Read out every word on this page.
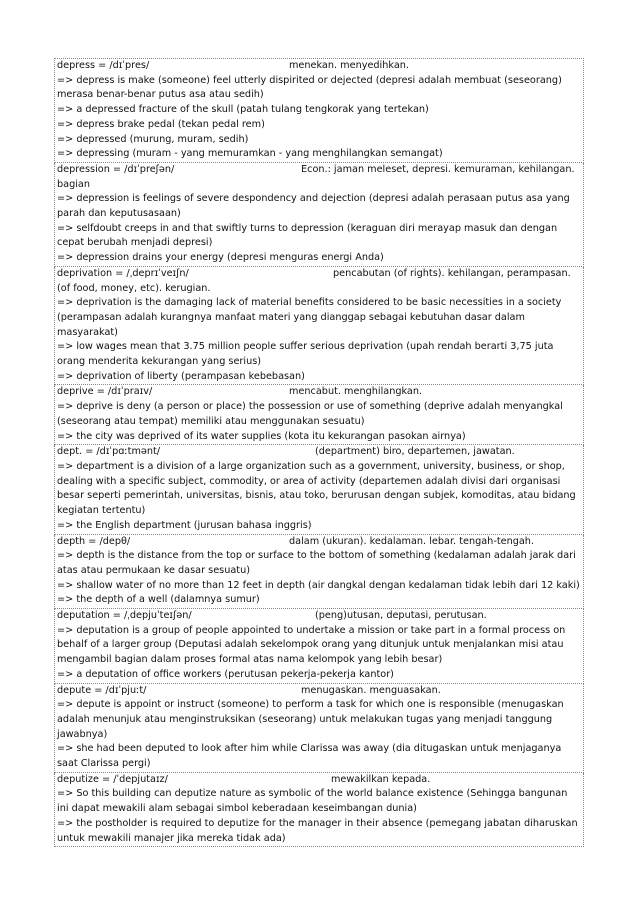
depress = /dɪˈpres/	menekan. menyedihkan.
=> depress is make (someone) feel utterly dispirited or dejected (depresi adalah membuat (seseorang) merasa benar-benar putus asa atau sedih)
=> a depressed fracture of the skull (patah tulang tengkorak yang tertekan)
=> depress brake pedal (tekan pedal rem)
=> depressed (murung, muram, sedih)
=> depressing (muram - yang memuramkan - yang menghilangkan semangat)
depression = /dɪˈpreʃən/	Econ.: jaman meleset, depresi. kemuraman, kehilangan. bagian
=> depression is feelings of severe despondency and dejection (depresi adalah perasaan putus asa yang parah dan keputusasaan)
=> selfdoubt creeps in and that swiftly turns to depression (keraguan diri merayap masuk dan dengan cepat berubah menjadi depresi)
=> depression drains your energy (depresi menguras energi Anda)
deprivation = /ˌdeprɪˈveɪʃn/	pencabutan (of rights). kehilangan, perampasan. (of food, money, etc). kerugian.
=> deprivation is the damaging lack of material benefits considered to be basic necessities in a society (perampasan adalah kurangnya manfaat materi yang dianggap sebagai kebutuhan dasar dalam masyarakat)
=> low wages mean that 3.75 million people suffer serious deprivation (upah rendah berarti 3,75 juta orang menderita kekurangan yang serius)
=> deprivation of liberty (perampasan kebebasan)
deprive = /dɪˈpraɪv/	mencabut. menghilangkan.
=> deprive is deny (a person or place) the possession or use of something (deprive adalah menyangkal (seseorang atau tempat) memiliki atau menggunakan sesuatu)
=> the city was deprived of its water supplies (kota itu kekurangan pasokan airnya)
dept. = /dɪˈpɑːtmənt/	(department) biro, departemen, jawatan.
=> department is a division of a large organization such as a government, university, business, or shop, dealing with a specific subject, commodity, or area of activity (departemen adalah divisi dari organisasi besar seperti pemerintah, universitas, bisnis, atau toko, berurusan dengan subjek, komoditas, atau bidang kegiatan tertentu)
=> the English department (jurusan bahasa inggris)
depth = /depθ/	dalam (ukuran). kedalaman. lebar. tengah-tengah.
=> depth is the distance from the top or surface to the bottom of something (kedalaman adalah jarak dari atas atau permukaan ke dasar sesuatu)
=> shallow water of no more than 12 feet in depth (air dangkal dengan kedalaman tidak lebih dari 12 kaki)
=> the depth of a well (dalamnya sumur)
deputation = /ˌdepjuˈteɪʃən/	(peng)utusan, deputasi, perutusan.
=> deputation is a group of people appointed to undertake a mission or take part in a formal process on behalf of a larger group (Deputasi adalah sekelompok orang yang ditunjuk untuk menjalankan misi atau mengambil bagian dalam proses formal atas nama kelompok yang lebih besar)
=> a deputation of office workers (perutusan pekerja-pekerja kantor)
depute = /dɪˈpjuːt/	menugaskan. menguasakan.
=> depute is appoint or instruct (someone) to perform a task for which one is responsible (menugaskan adalah menunjuk atau menginstruksikan (seseorang) untuk melakukan tugas yang menjadi tanggung jawabnya)
=> she had been deputed to look after him while Clarissa was away (dia ditugaskan untuk menjaganya saat Clarissa pergi)
deputize = /ˈdepjutaɪz/	mewakilkan kepada.
=> So this building can deputize nature as symbolic of the world balance existence (Sehingga bangunan ini dapat mewakili alam sebagai simbol keberadaan keseimbangan dunia)
=> the postholder is required to deputize for the manager in their absence (pemegang jabatan diharuskan untuk mewakili manajer jika mereka tidak ada)
